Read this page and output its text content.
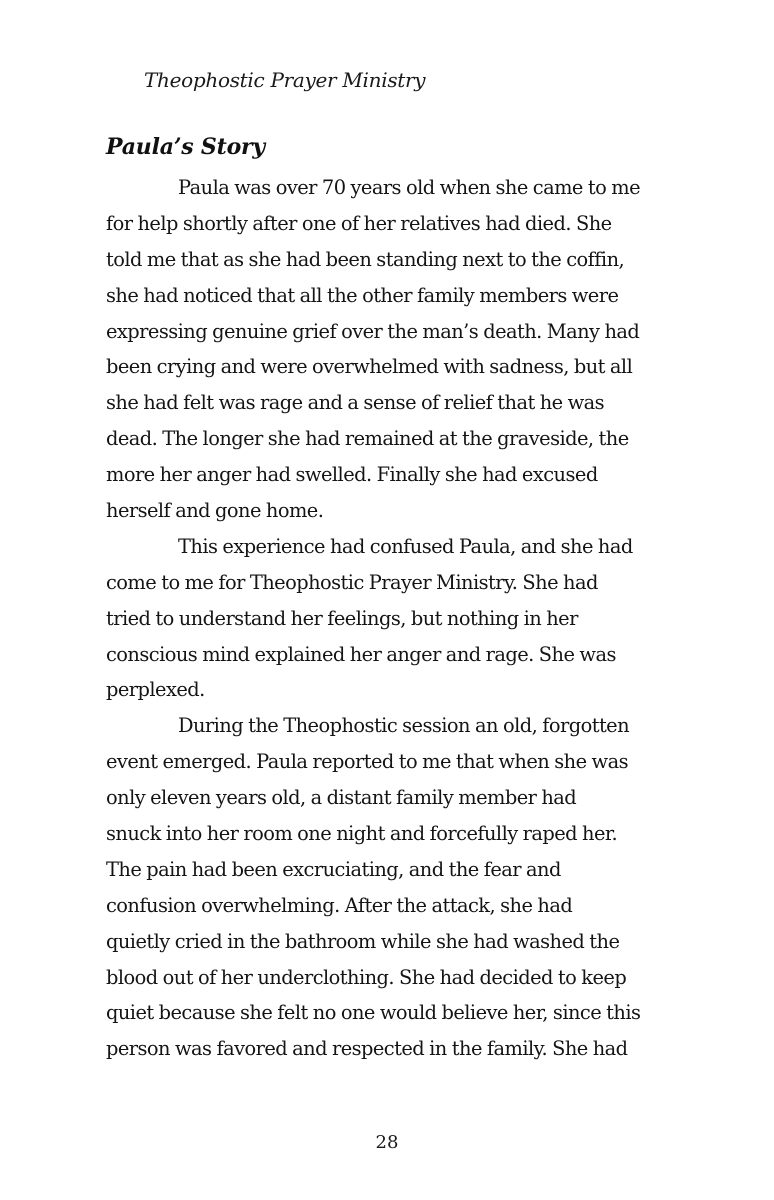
Theophostic Prayer Ministry
Paula’s Story
Paula was over 70 years old when she came to me
for help shortly after one of her relatives had died. She
told me that as she had been standing next to the coffin,
she had noticed that all the other family members were
expressing genuine grief over the man’s death. Many had
been crying and were overwhelmed with sadness, but all
she had felt was rage and a sense of relief that he was
dead. The longer she had remained at the graveside, the
more her anger had swelled. Finally she had excused
herself and gone home.
This experience had confused Paula, and she had
come to me for Theophostic Prayer Ministry. She had
tried to understand her feelings, but nothing in her
conscious mind explained her anger and rage. She was
perplexed.
During the Theophostic session an old, forgotten
event emerged. Paula reported to me that when she was
only eleven years old, a distant family member had
snuck into her room one night and forcefully raped her.
The pain had been excruciating, and the fear and
confusion overwhelming. After the attack, she had
quietly cried in the bathroom while she had washed the
blood out of her underclothing. She had decided to keep
quiet because she felt no one would believe her, since this
person was favored and respected in the family. She had
28
